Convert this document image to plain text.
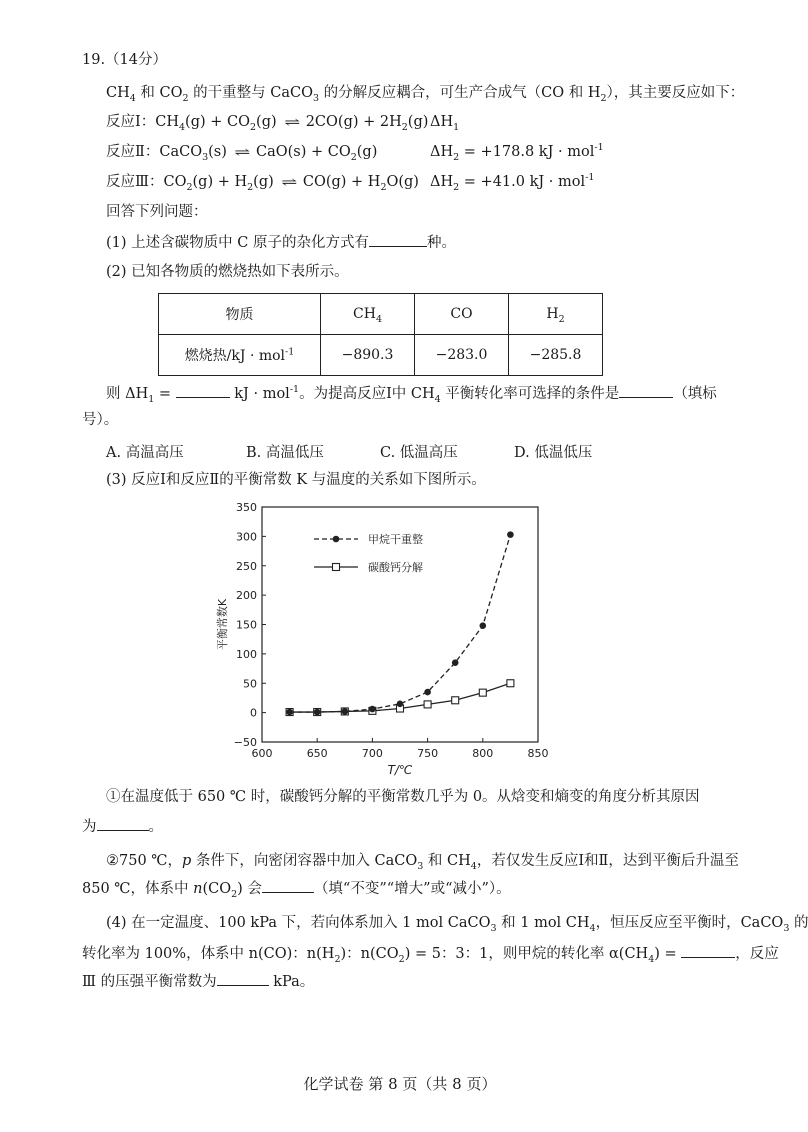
19.（14分）
$CH_4$ 和 $CO_2$ 的干重整与 CaCO$_3$ 的分解反应耦合，可生产合成气（CO 和 $H_2$），其主要反应如下：
反应Ⅰ：$CH_4(g) + CO_2(g)$ ⇌ $2CO(g) + 2H_2(g)$ $\Delta H_1$
反应Ⅱ：CaCO$_3$(s) ⇌ $CaO(s) + CO_2(g)$	$\Delta H_2 = +178.8$ kJ · mol$^{-1}$
反应Ⅲ：$CO_2(g) + H_2(g)$ ⇌ $CO(g) + H_2O(g) \Delta H_2 = +41.0$ kJ · mol$^{-1}$
回答下列问题：
(1) 上述含碳物质中 C 原子的杂化方式有	种。
(2) 已知各物质的燃烧热如下表所示。
物质	$CH_4$	CO	$H_2$
燃烧热/kJ · mol$^{-1}$	−890.3	−283.0	−285.8
则 $\Delta H_1$ =	kJ · mol$^{-1}$。为提高反应Ⅰ中 $CH_4$ 平衡转化率可选择的条件是	（填标
号）。
A. 高温高压	B. 高温低压	C. 低温高压	D. 低温低压
(3) 反应Ⅰ和反应Ⅱ的平衡常数 K 与温度的关系如下图所示。
600	650	700	750	800	850
−50
0
50
100
150
200
250
300
350
T/℃
平衡常数K
甲烷干重整
碳酸钙分解
①在温度低于 650 ℃ 时，碳酸钙分解的平衡常数几乎为 0。从焓变和熵变的角度分析其原因
为	。
②750 ℃，p 条件下，向密闭容器中加入 CaCO$_3$ 和 $CH_4$，若仅发生反应Ⅰ和Ⅱ，达到平衡后升温至
850 ℃，体系中 $n(CO_2)$ 会	（填“不变”“增大”或“减小”）。
(4) 在一定温度、100 kPa 下，若向体系加入 1 mol CaCO$_3$ 和 1 mol $CH_4$，恒压反应至平衡时，CaCO$_3$ 的
转化率为 100%，体系中 n(CO)：$n(H_2)$：$n(CO_2) = 5$：3：1，则甲烷的转化率 $\alpha(CH_4)$ =	，反应
Ⅲ 的压强平衡常数为	kPa。
化学试卷 第 8 页（共 8 页）
